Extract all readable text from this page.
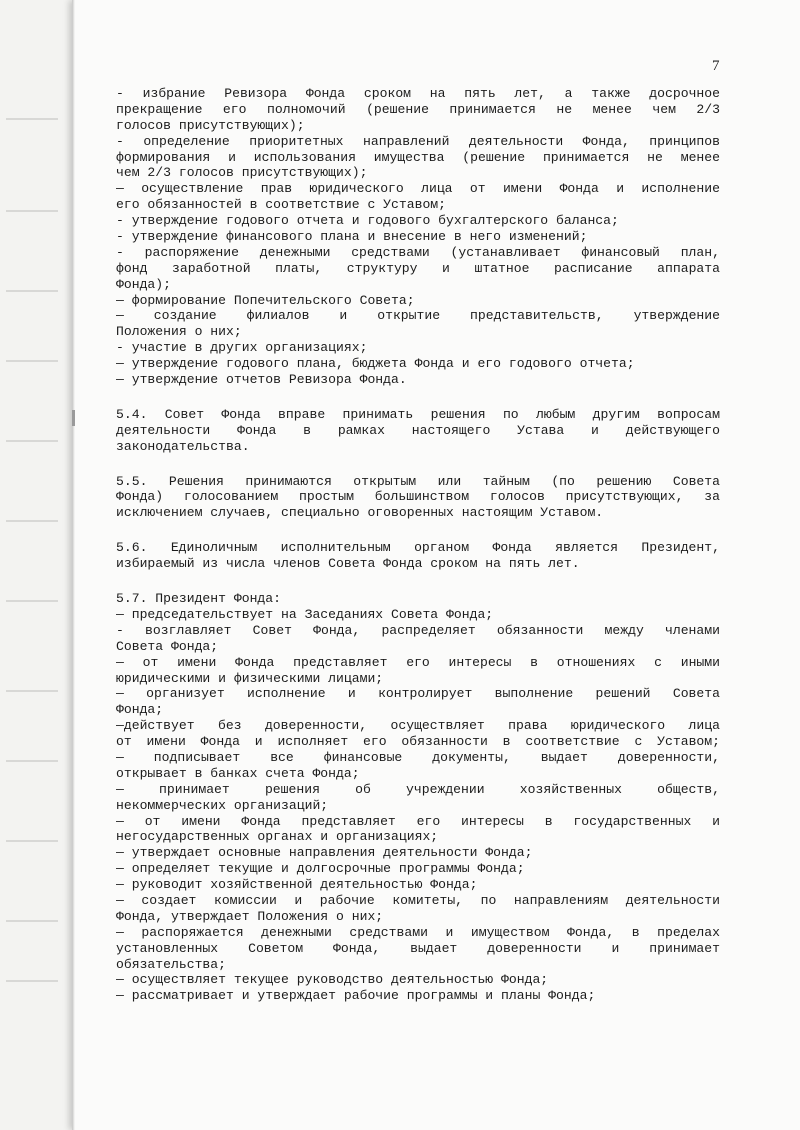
7
- избрание Ревизора Фонда сроком на пять лет, а также досрочное
прекращение его полномочий (решение принимается не менее чем 2/3
голосов присутствующих);
- определение приоритетных направлений деятельности Фонда, принципов
формирования и использования имущества (решение принимается не менее
чем 2/3 голосов присутствующих);
— осуществление прав юридического лица от имени Фонда и исполнение
его обязанностей в соответствие с Уставом;
- утверждение годового отчета и годового бухгалтерского баланса;
- утверждение финансового плана и внесение в него изменений;
- распоряжение денежными средствами (устанавливает финансовый план,
фонд заработной платы, структуру и штатное расписание аппарата
Фонда);
— формирование Попечительского Совета;
— создание филиалов и открытие представительств, утверждение
Положения о них;
- участие в других организациях;
— утверждение годового плана, бюджета Фонда и его годового отчета;
— утверждение отчетов Ревизора Фонда.
5.4. Совет Фонда вправе принимать решения по любым другим вопросам
деятельности Фонда в рамках настоящего Устава и действующего
законодательства.
5.5. Решения принимаются открытым или тайным (по решению Совета
Фонда) голосованием простым большинством голосов присутствующих, за
исключением случаев, специально оговоренных настоящим Уставом.
5.6. Единоличным исполнительным органом Фонда является Президент,
избираемый из числа членов Совета Фонда сроком на пять лет.
5.7. Президент Фонда:
— председательствует на Заседаниях Совета Фонда;
- возглавляет Совет Фонда, распределяет обязанности между членами
Совета Фонда;
— от имени Фонда представляет его интересы в отношениях с иными
юридическими и физическими лицами;
— организует исполнение и контролирует выполнение решений Совета
Фонда;
—действует без доверенности, осуществляет права юридического лица
от имени Фонда и исполняет его обязанности в соответствие с Уставом;
— подписывает все финансовые документы, выдает доверенности,
открывает в банках счета Фонда;
— принимает решения об учреждении хозяйственных обществ,
некоммерческих организаций;
— от имени Фонда представляет его интересы в государственных и
негосударственных органах и организациях;
— утверждает основные направления деятельности Фонда;
— определяет текущие и долгосрочные программы Фонда;
— руководит хозяйственной деятельностью Фонда;
— создает комиссии и рабочие комитеты, по направлениям деятельности
Фонда, утверждает Положения о них;
— распоряжается денежными средствами и имуществом Фонда, в пределах
установленных Советом Фонда, выдает доверенности и принимает
обязательства;
— осуществляет текущее руководство деятельностью Фонда;
— рассматривает и утверждает рабочие программы и планы Фонда;
